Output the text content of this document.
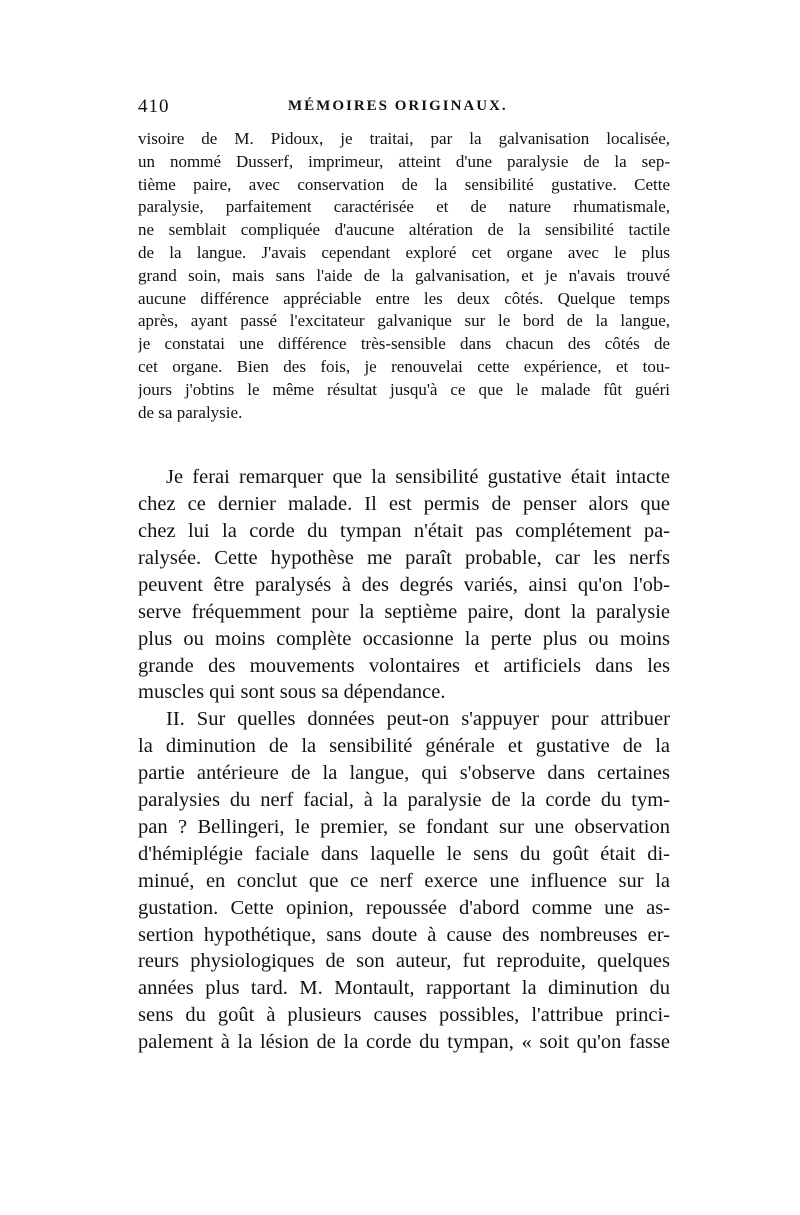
410	MÉMOIRES ORIGINAUX.
visoire de M. Pidoux, je traitai, par la galvanisation localisée,
un nommé Dusserf, imprimeur, atteint d'une paralysie de la sep-
tième paire, avec conservation de la sensibilité gustative. Cette
paralysie, parfaitement caractérisée et de nature rhumatismale,
ne semblait compliquée d'aucune altération de la sensibilité tactile
de la langue. J'avais cependant exploré cet organe avec le plus
grand soin, mais sans l'aide de la galvanisation, et je n'avais trouvé
aucune différence appréciable entre les deux côtés. Quelque temps
après, ayant passé l'excitateur galvanique sur le bord de la langue,
je constatai une différence très-sensible dans chacun des côtés de
cet organe. Bien des fois, je renouvelai cette expérience, et tou-
jours j'obtins le même résultat jusqu'à ce que le malade fût guéri
de sa paralysie.
Je ferai remarquer que la sensibilité gustative était intacte
chez ce dernier malade. Il est permis de penser alors que
chez lui la corde du tympan n'était pas complétement pa-
ralysée. Cette hypothèse me paraît probable, car les nerfs
peuvent être paralysés à des degrés variés, ainsi qu'on l'ob-
serve fréquemment pour la septième paire, dont la paralysie
plus ou moins complète occasionne la perte plus ou moins
grande des mouvements volontaires et artificiels dans les
muscles qui sont sous sa dépendance.
II. Sur quelles données peut-on s'appuyer pour attribuer
la diminution de la sensibilité générale et gustative de la
partie antérieure de la langue, qui s'observe dans certaines
paralysies du nerf facial, à la paralysie de la corde du tym-
pan ? Bellingeri, le premier, se fondant sur une observation
d'hémiplégie faciale dans laquelle le sens du goût était di-
minué, en conclut que ce nerf exerce une influence sur la
gustation. Cette opinion, repoussée d'abord comme une as-
sertion hypothétique, sans doute à cause des nombreuses er-
reurs physiologiques de son auteur, fut reproduite, quelques
années plus tard. M. Montault, rapportant la diminution du
sens du goût à plusieurs causes possibles, l'attribue princi-
palement à la lésion de la corde du tympan, « soit qu'on fasse
